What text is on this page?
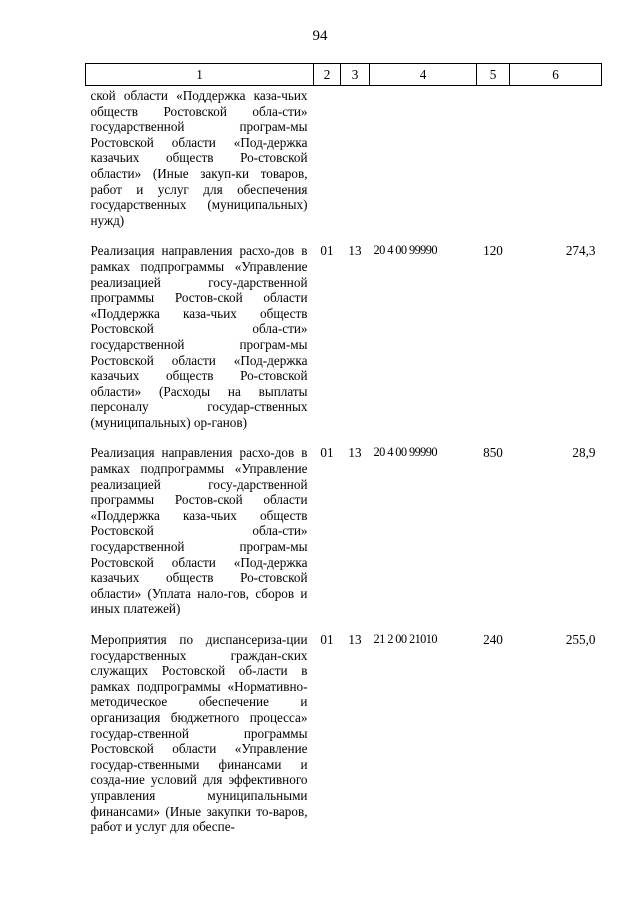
94
1	2	3	4	5	6
ской области «Поддержка каза-чьих обществ Ростовской обла-сти» государственной програм-мы Ростовской области «Под-держка казачьих обществ Ро-стовской области» (Иные закуп-ки товаров, работ и услуг для обеспечения государственных (муниципальных) нужд)					
Реализация направления расхо-дов в рамках подпрограммы «Управление реализацией госу-дарственной программы Ростов-ской области «Поддержка каза-чьих обществ Ростовской обла-сти» государственной програм-мы Ростовской области «Под-держка казачьих обществ Ро-стовской области» (Расходы на выплаты персоналу государ-ственных (муниципальных) ор-ганов)	01	13	20 4 00 99990	120	274,3
Реализация направления расхо-дов в рамках подпрограммы «Управление реализацией госу-дарственной программы Ростов-ской области «Поддержка каза-чьих обществ Ростовской обла-сти» государственной програм-мы Ростовской области «Под-держка казачьих обществ Ро-стовской области» (Уплата нало-гов, сборов и иных платежей)	01	13	20 4 00 99990	850	28,9
Мероприятия по диспансериза-ции государственных граждан-ских служащих Ростовской об-ласти в рамках подпрограммы «Нормативно-методическое обеспечение и организация бюджетного процесса» государ-ственной программы Ростовской области «Управление государ-ственными финансами и созда-ние условий для эффективного управления муниципальными финансами» (Иные закупки то-варов, работ и услуг для обеспе-	01	13	21 2 00 21010	240	255,0
